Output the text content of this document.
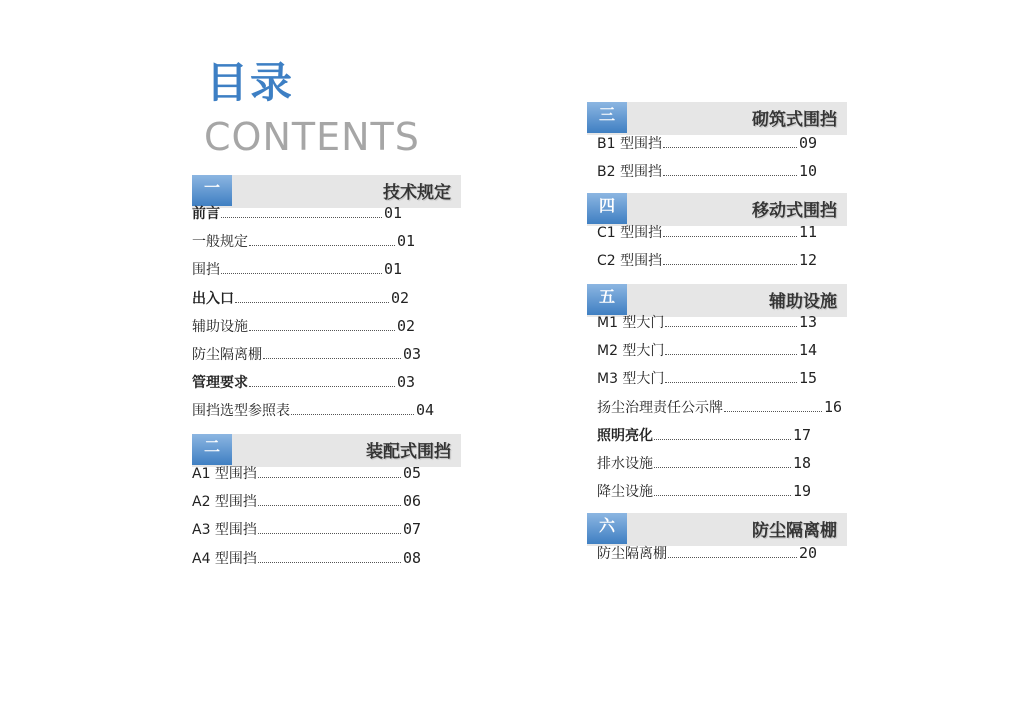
目录
CONTENTS
一	技术规定
前言	01
一般规定	01
围挡	01
出入口	02
辅助设施	02
防尘隔离棚	03
管理要求	03
围挡选型参照表	04
二	装配式围挡
A1 型围挡	05
A2 型围挡	06
A3 型围挡	07
A4 型围挡	08
三	砌筑式围挡
B1 型围挡	09
B2 型围挡	10
四	移动式围挡
C1 型围挡	11
C2 型围挡	12
五	辅助设施
M1 型大门	13
M2 型大门	14
M3 型大门	15
扬尘治理责任公示牌	16
照明亮化	17
排水设施	18
降尘设施	19
六	防尘隔离棚
防尘隔离棚	20
